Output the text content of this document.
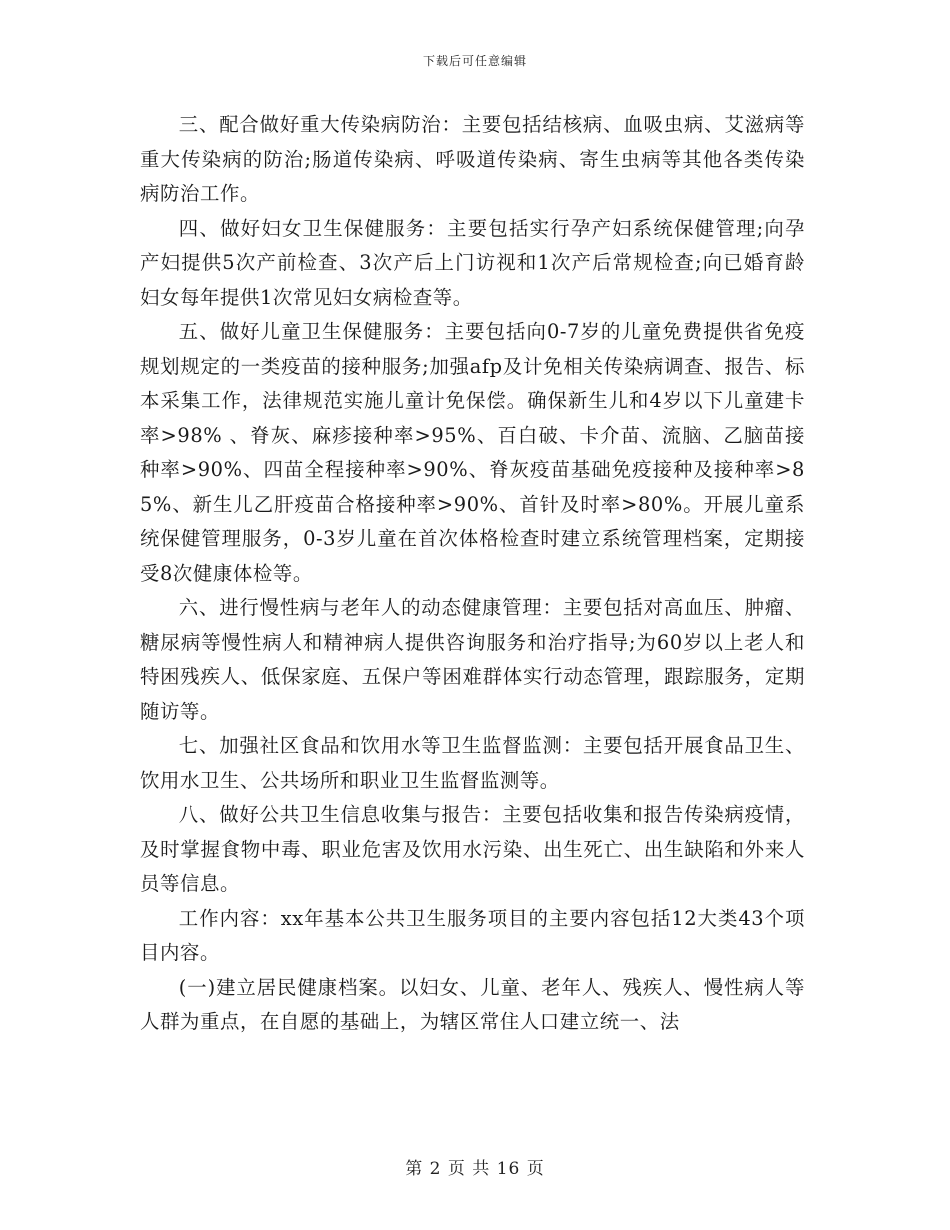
下载后可任意编辑

三、配合做好重大传染病防治：主要包括结核病、血吸虫病、艾滋病等重大传染病的防治;肠道传染病、呼吸道传染病、寄生虫病等其他各类传染病防治工作。

四、做好妇女卫生保健服务：主要包括实行孕产妇系统保健管理;向孕产妇提供5次产前检查、3次产后上门访视和1次产后常规检查;向已婚育龄妇女每年提供1次常见妇女病检查等。

五、做好儿童卫生保健服务：主要包括向0-7岁的儿童免费提供省免疫规划规定的一类疫苗的接种服务;加强afp及计免相关传染病调查、报告、标本采集工作，法律规范实施儿童计免保偿。确保新生儿和4岁以下儿童建卡率>98% 、脊灰、麻疹接种率>95%、百白破、卡介苗、流脑、乙脑苗接种率>90%、四苗全程接种率>90%、脊灰疫苗基础免疫接种及接种率>85%、新生儿乙肝疫苗合格接种率>90%、首针及时率>80%。开展儿童系统保健管理服务，0-3岁儿童在首次体格检查时建立系统管理档案，定期接受8次健康体检等。

六、进行慢性病与老年人的动态健康管理：主要包括对高血压、肿瘤、糖尿病等慢性病人和精神病人提供咨询服务和治疗指导;为60岁以上老人和特困残疾人、低保家庭、五保户等困难群体实行动态管理，跟踪服务，定期随访等。

七、加强社区食品和饮用水等卫生监督监测：主要包括开展食品卫生、饮用水卫生、公共场所和职业卫生监督监测等。

八、做好公共卫生信息收集与报告：主要包括收集和报告传染病疫情，及时掌握食物中毒、职业危害及饮用水污染、出生死亡、出生缺陷和外来人员等信息。

工作内容：xx年基本公共卫生服务项目的主要内容包括12大类43个项目内容。

(一)建立居民健康档案。以妇女、儿童、老年人、残疾人、慢性病人等人群为重点，在自愿的基础上，为辖区常住人口建立统一、法

第 2 页 共 16 页
